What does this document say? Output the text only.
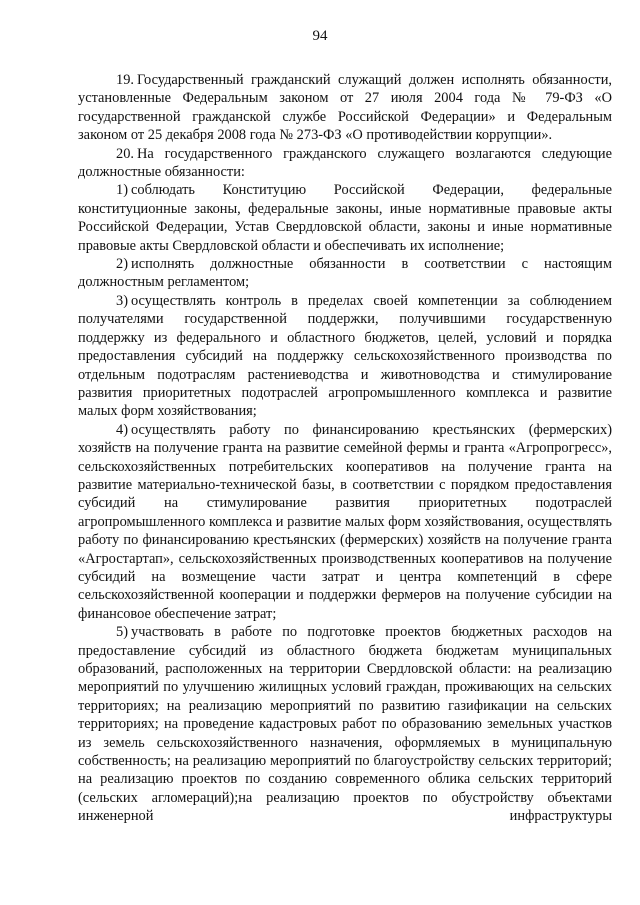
94

19. Государственный гражданский служащий должен исполнять обязанности, установленные Федеральным законом от 27 июля 2004 года № 79-ФЗ «О государственной гражданской службе Российской Федерации» и Федеральным законом от 25 декабря 2008 года № 273-ФЗ «О противодействии коррупции».

20. На государственного гражданского служащего возлагаются следующие должностные обязанности:

1) соблюдать Конституцию Российской Федерации, федеральные конституционные законы, федеральные законы, иные нормативные правовые акты Российской Федерации, Устав Свердловской области, законы и иные нормативные правовые акты Свердловской области и обеспечивать их исполнение;

2) исполнять должностные обязанности в соответствии с настоящим должностным регламентом;

3) осуществлять контроль в пределах своей компетенции за соблюдением получателями государственной поддержки, получившими государственную поддержку из федерального и областного бюджетов, целей, условий и порядка предоставления субсидий на поддержку сельскохозяйственного производства по отдельным подотраслям растениеводства и животноводства и стимулирование развития приоритетных подотраслей агропромышленного комплекса и развитие малых форм хозяйствования;

4) осуществлять работу по финансированию крестьянских (фермерских) хозяйств на получение гранта на развитие семейной фермы и гранта «Агропрогресс», сельскохозяйственных потребительских кооперативов на получение гранта на развитие материально-технической базы, в соответствии с порядком предоставления субсидий на стимулирование развития приоритетных подотраслей агропромышленного комплекса и развитие малых форм хозяйствования, осуществлять работу по финансированию крестьянских (фермерских) хозяйств на получение гранта «Агростартап», сельскохозяйственных производственных кооперативов на получение субсидий на возмещение части затрат и центра компетенций в сфере сельскохозяйственной кооперации и поддержки фермеров на получение субсидии на финансовое обеспечение затрат;

5) участвовать в работе по подготовке проектов бюджетных расходов на предоставление субсидий из областного бюджета бюджетам муниципальных образований, расположенных на территории Свердловской области: на реализацию мероприятий по улучшению жилищных условий граждан, проживающих на сельских территориях; на реализацию мероприятий по развитию газификации на сельских территориях; на проведение кадастровых работ по образованию земельных участков из земель сельскохозяйственного назначения, оформляемых в муниципальную собственность; на реализацию мероприятий по благоустройству сельских территорий; на реализацию проектов по созданию современного облика сельских территорий (сельских агломераций);на реализацию проектов по обустройству объектами инженерной инфраструктуры
